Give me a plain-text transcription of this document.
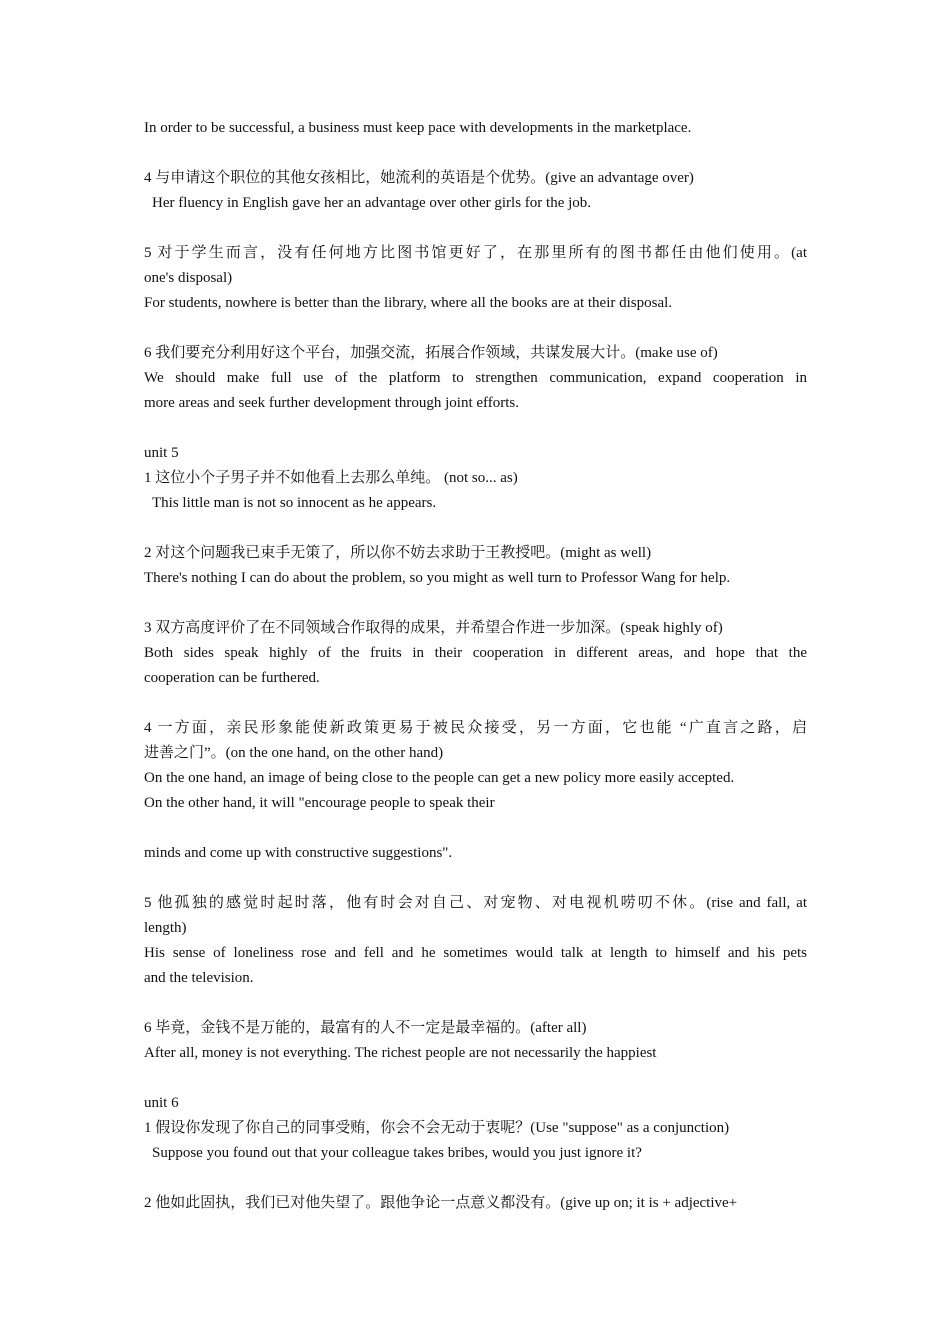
In order to be successful, a business must keep pace with developments in the marketplace.
4 与申请这个职位的其他女孩相比，她流利的英语是个优势。(give an advantage over)
Her fluency in English gave her an advantage over other girls for the job.
5 对于学生而言，没有任何地方比图书馆更好了，在那里所有的图书都任由他们使用。(at
one's disposal)
For students, nowhere is better than the library, where all the books are at their disposal.
6 我们要充分利用好这个平台，加强交流，拓展合作领域，共谋发展大计。(make use of)
We should make full use of the platform to strengthen communication, expand cooperation in
more areas and seek further development through joint efforts.
unit 5
1 这位小个子男子并不如他看上去那么单纯。 (not so... as)
This little man is not so innocent as he appears.
2 对这个问题我已束手无策了，所以你不妨去求助于王教授吧。(might as well)
There's nothing I can do about the problem, so you might as well turn to Professor Wang for help.
3 双方高度评价了在不同领域合作取得的成果，并希望合作进一步加深。(speak highly of)
Both sides speak highly of the fruits in their cooperation in different areas, and hope that the
cooperation can be furthered.
4 一方面，亲民形象能使新政策更易于被民众接受，另一方面，它也能 “广直言之路，启
进善之门”。(on the one hand, on the other hand)
On the one hand, an image of being close to the people can get a new policy more easily accepted.
On the other hand, it will "encourage people to speak their
minds and come up with constructive suggestions".
5 他孤独的感觉时起时落，他有时会对自己、对宠物、对电视机唠叨不休。(rise and fall, at
length)
His sense of loneliness rose and fell and he sometimes would talk at length to himself and his pets
and the television.
6 毕竟，金钱不是万能的，最富有的人不一定是最幸福的。(after all)
After all, money is not everything. The richest people are not necessarily the happiest
unit 6
1 假设你发现了你自己的同事受贿，你会不会无动于衷呢？(Use "suppose" as a conjunction)
Suppose you found out that your colleague takes bribes, would you just ignore it?
2 他如此固执，我们已对他失望了。跟他争论一点意义都没有。(give up on; it is + adjective+
